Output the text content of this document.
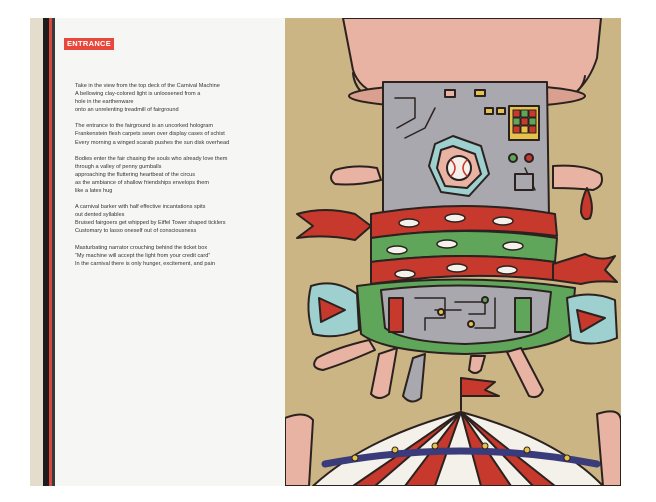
ENTRANCE
Take in the view from the top deck of the Carnival Machine
A bellowing clay-colored light is unloosened from a
hole in the earthenware
onto an unrelenting treadmill of fairground
The entrance to the fairground is an uncorked hologram
Frankenstein flesh carpets sewn over display cases of schist
Every morning a winged scarab pushes the sun disk overhead
Bodies enter the fair chasing the souls who already love them
through a valley of penny gumballs
approaching the fluttering heartbeat of the circus
as the ambiance of shallow friendships envelops them
like a latex hug
A carnival barker with half effective incantations spits
out dented syllables
Bruised fairgoers get whipped by Eiffel Tower shaped ticklers
Customary to lasso oneself out of consciousness
Masturbating narrator crouching behind the ticket box
“My machine will accept the light from your credit card”
In the carnival there is only hunger, excitement, and pain
